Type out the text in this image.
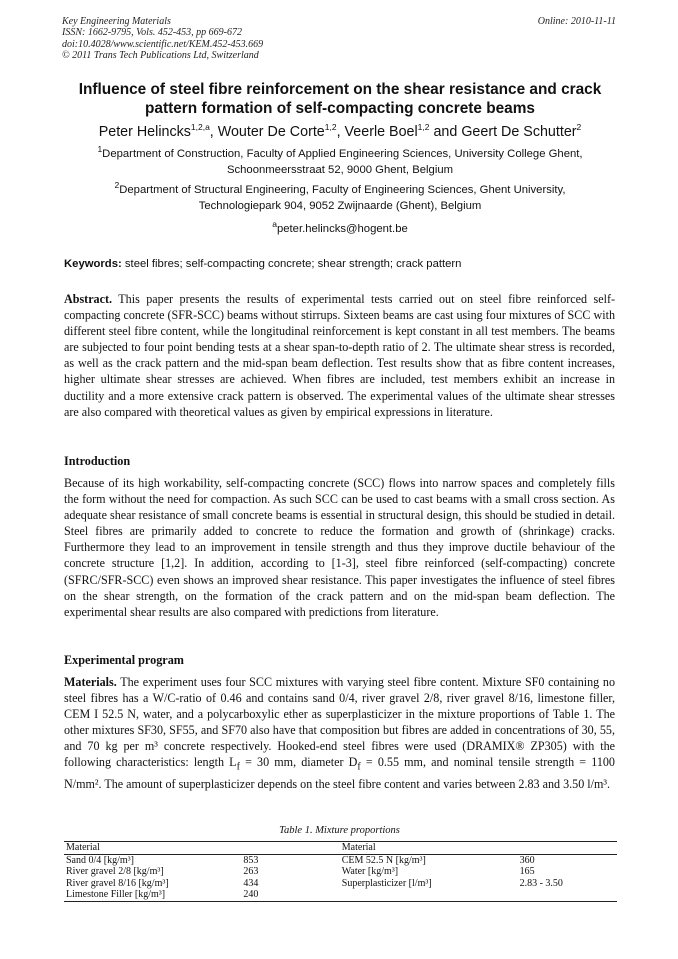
Key Engineering Materials
ISSN: 1662-9795, Vols. 452-453, pp 669-672
doi:10.4028/www.scientific.net/KEM.452-453.669
© 2011 Trans Tech Publications Ltd, Switzerland
Online: 2010-11-11
Influence of steel fibre reinforcement on the shear resistance and crack
pattern formation of self-compacting concrete beams
Peter Helincks$^{1,2,a}$, Wouter De Corte$^{1,2}$, Veerle Boel$^{1,2}$ and Geert De Schutter$^2$
$^1$Department of Construction, Faculty of Applied Engineering Sciences, University College Ghent,
Schoonmeersstraat 52, 9000 Ghent, Belgium
$^2$Department of Structural Engineering, Faculty of Engineering Sciences, Ghent University,
Technologiepark 904, 9052 Zwijnaarde (Ghent), Belgium
$^a$peter.helincks@hogent.be
Keywords: steel fibres; self-compacting concrete; shear strength; crack pattern
Abstract. This paper presents the results of experimental tests carried out on steel fibre reinforced self-compacting concrete (SFR-SCC) beams without stirrups. Sixteen beams are cast using four mixtures of SCC with different steel fibre content, while the longitudinal reinforcement is kept constant in all test members. The beams are subjected to four point bending tests at a shear span-to-depth ratio of 2. The ultimate shear stress is recorded, as well as the crack pattern and the mid-span beam deflection. Test results show that as fibre content increases, higher ultimate shear stresses are achieved. When fibres are included, test members exhibit an increase in ductility and a more extensive crack pattern is observed. The experimental values of the ultimate shear stresses are also compared with theoretical values as given by empirical expressions in literature.
Introduction
Because of its high workability, self-compacting concrete (SCC) flows into narrow spaces and completely fills the form without the need for compaction. As such SCC can be used to cast beams with a small cross section. As adequate shear resistance of small concrete beams is essential in structural design, this should be studied in detail. Steel fibres are primarily added to concrete to reduce the formation and growth of (shrinkage) cracks. Furthermore they lead to an improvement in tensile strength and thus they improve ductile behaviour of the concrete structure [1,2]. In addition, according to [1-3], steel fibre reinforced (self-compacting) concrete (SFRC/SFR-SCC) even shows an improved shear resistance. This paper investigates the influence of steel fibres on the shear strength, on the formation of the crack pattern and on the mid-span beam deflection. The experimental shear results are also compared with predictions from literature.
Experimental program
Materials. The experiment uses four SCC mixtures with varying steel fibre content. Mixture SF0 containing no steel fibres has a W/C-ratio of 0.46 and contains sand 0/4, river gravel 2/8, river gravel 8/16, limestone filler, CEM I 52.5 N, water, and a polycarboxylic ether as superplasticizer in the mixture proportions of Table 1. The other mixtures SF30, SF55, and SF70 also have that composition but fibres are added in concentrations of 30, 55, and 70 kg per m³ concrete respectively. Hooked-end steel fibres were used (DRAMIX® ZP305) with the following characteristics: length $L_f = 30$ mm, diameter $D_f = 0.55$ mm, and nominal tensile strength = 1100 N/mm². The amount of superplasticizer depends on the steel fibre content and varies between 2.83 and 3.50 l/m³.
Table 1. Mixture proportions
Material		Material	
Sand 0/4 [kg/m³]	853	CEM 52.5 N [kg/m³]	360
River gravel 2/8 [kg/m³]	263	Water [kg/m³]	165
River gravel 8/16 [kg/m³]	434	Superplasticizer [l/m³]	2.83 - 3.50
Limestone Filler [kg/m³]	240		
